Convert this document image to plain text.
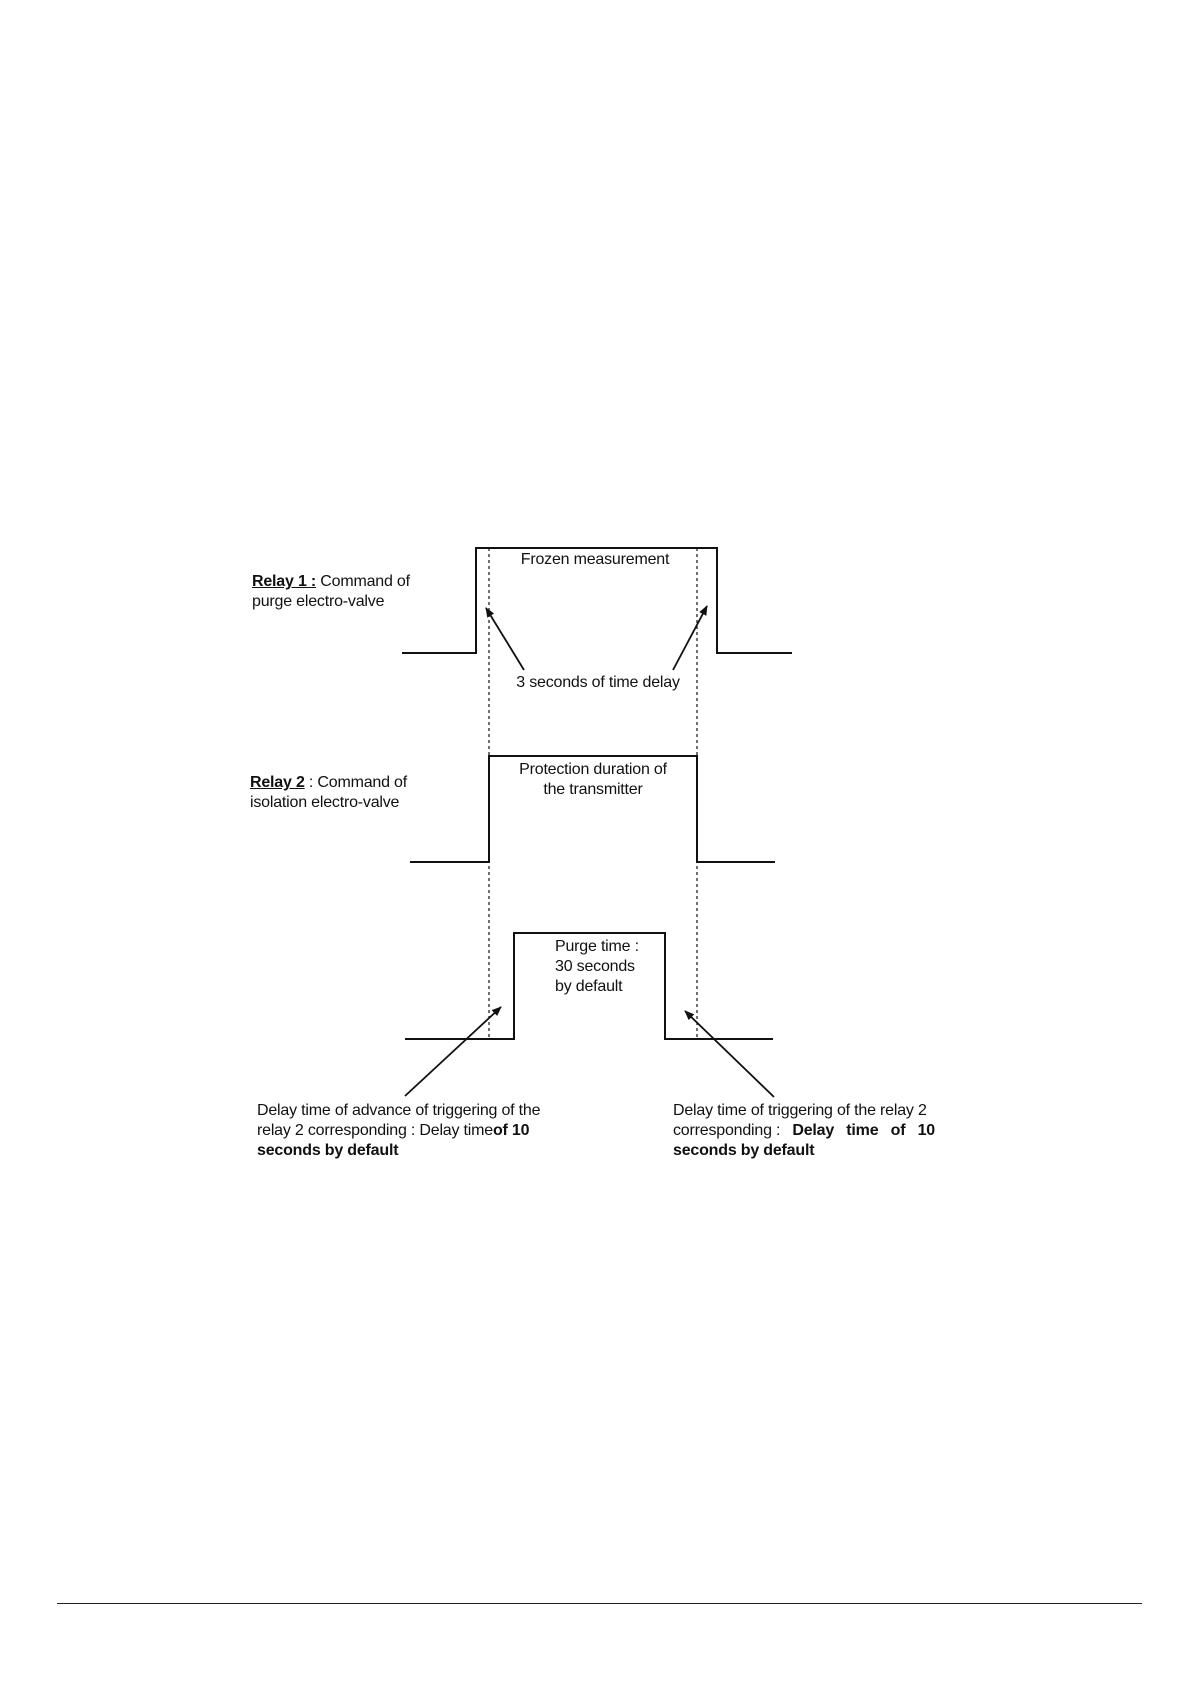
Relay 1 : Command of
purge electro-valve
Frozen measurement
3 seconds of time delay
Relay 2 : Command of
isolation electro-valve
Protection duration of
the transmitter
Purge time :
30 seconds
by default
Delay time of advance of triggering of the
relay 2 corresponding : Delay timeof 10
seconds by default
Delay time of triggering of the relay 2
corresponding : Delay time of 10
seconds by default
